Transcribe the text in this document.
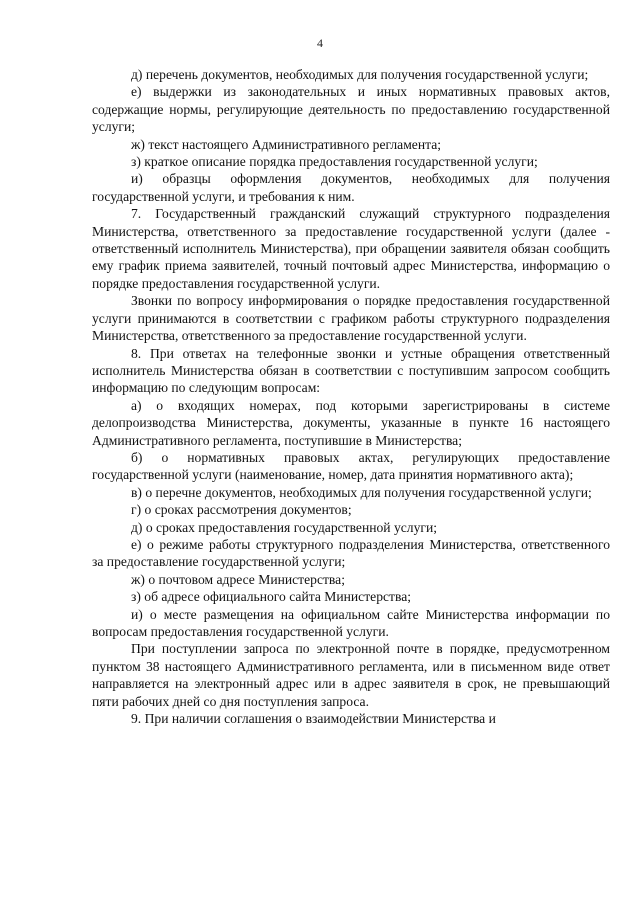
4

д) перечень документов, необходимых для получения государственной услуги;

е) выдержки из законодательных и иных нормативных правовых актов, содержащие нормы, регулирующие деятельность по предоставлению государственной услуги;

ж) текст настоящего Административного регламента;

з) краткое описание порядка предоставления государственной услуги;

и) образцы оформления документов, необходимых для получения государственной услуги, и требования к ним.

7. Государственный гражданский служащий структурного подразделения Министерства, ответственного за предоставление государственной услуги (далее - ответственный исполнитель Министерства), при обращении заявителя обязан сообщить ему график приема заявителей, точный почтовый адрес Министерства, информацию о порядке предоставления государственной услуги.

Звонки по вопросу информирования о порядке предоставления государственной услуги принимаются в соответствии с графиком работы структурного подразделения Министерства, ответственного за предоставление государственной услуги.

8. При ответах на телефонные звонки и устные обращения ответственный исполнитель Министерства обязан в соответствии с поступившим запросом сообщить информацию по следующим вопросам:

а) о входящих номерах, под которыми зарегистрированы в системе делопроизводства Министерства, документы, указанные в пункте 16 настоящего Административного регламента, поступившие в Министерства;

б) о нормативных правовых актах, регулирующих предоставление государственной услуги (наименование, номер, дата принятия нормативного акта);

в) о перечне документов, необходимых для получения государственной услуги;

г) о сроках рассмотрения документов;

д) о сроках предоставления государственной услуги;

е) о режиме работы структурного подразделения Министерства, ответственного за предоставление государственной услуги;

ж) о почтовом адресе Министерства;

з) об адресе официального сайта Министерства;

и) о месте размещения на официальном сайте Министерства информации по вопросам предоставления государственной услуги.

При поступлении запроса по электронной почте в порядке, предусмотренном пунктом 38 настоящего Административного регламента, или в письменном виде ответ направляется на электронный адрес или в адрес заявителя в срок, не превышающий пяти рабочих дней со дня поступления запроса.

9. При наличии соглашения о взаимодействии Министерства и
